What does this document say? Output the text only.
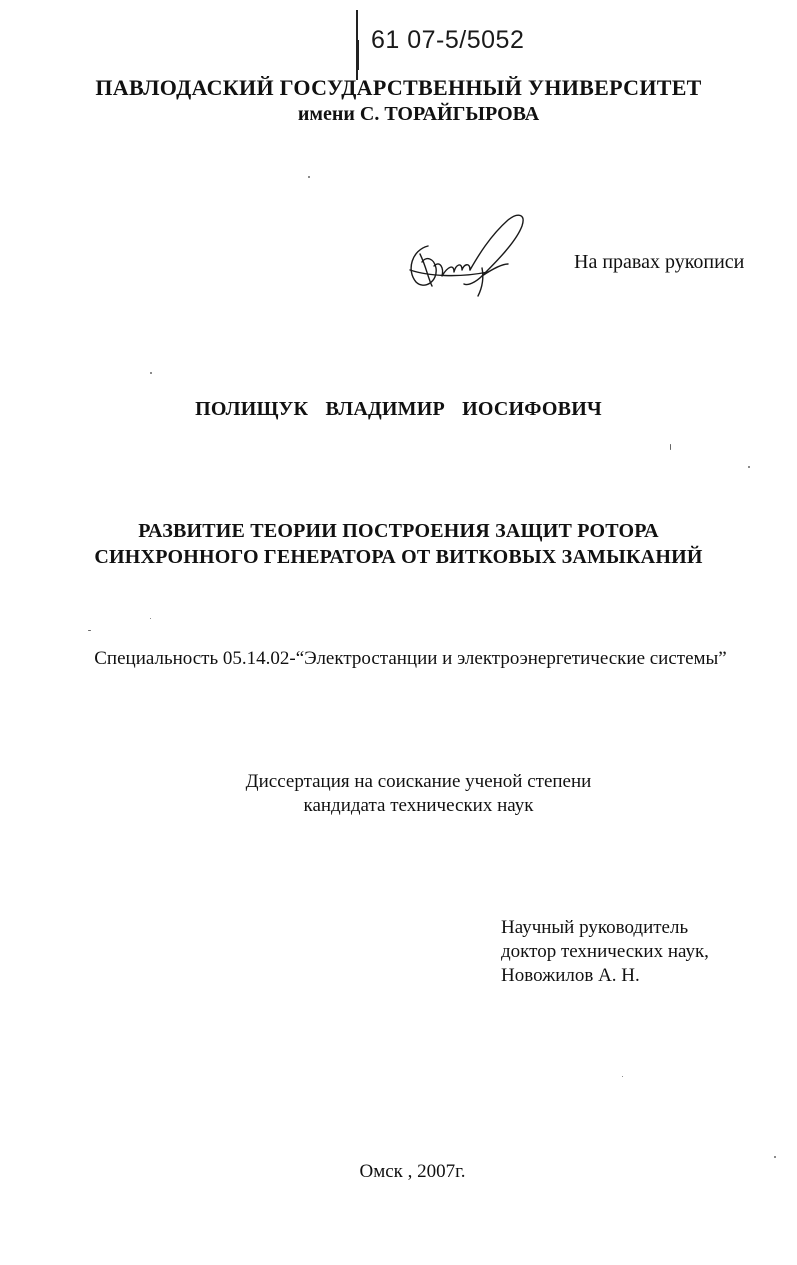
61 07-5/5052
ПАВЛОДАСКИЙ ГОСУДАРСТВЕННЫЙ УНИВЕРСИТЕТ
имени С. ТОРАЙГЫРОВА
На правах рукописи
ПОЛИЩУК ВЛАДИМИР ИОСИФОВИЧ
РАЗВИТИЕ ТЕОРИИ ПОСТРОЕНИЯ ЗАЩИТ РОТОРА
СИНХРОННОГО ГЕНЕРАТОРА ОТ ВИТКОВЫХ ЗАМЫКАНИЙ
Специальность 05.14.02-“Электростанции и электроэнергетические системы”
Диссертация на соискание ученой степени
кандидата технических наук
Научный руководитель
доктор технических наук,
Новожилов А. Н.
Омск , 2007г.
